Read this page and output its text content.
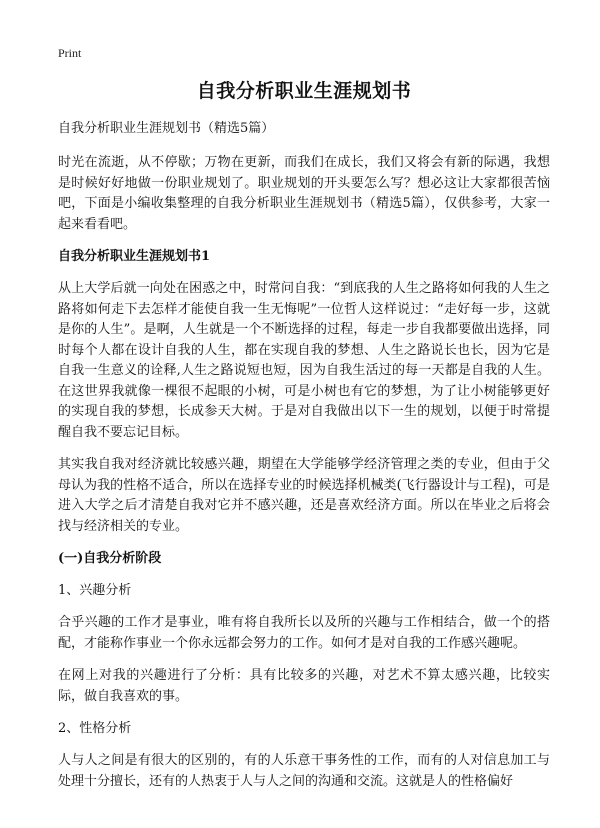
Print
自我分析职业生涯规划书
自我分析职业生涯规划书（精选5篇）

时光在流逝，从不停歇；万物在更新，而我们在成长，我们又将会有新的际遇，我想是时候好好地做一份职业规划了。职业规划的开头要怎么写？想必这让大家都很苦恼吧，下面是小编收集整理的自我分析职业生涯规划书（精选5篇），仅供参考，大家一起来看看吧。

自我分析职业生涯规划书1

从上大学后就一向处在困惑之中，时常问自我：“到底我的人生之路将如何我的人生之路将如何走下去怎样才能使自我一生无悔呢”一位哲人这样说过：“走好每一步，这就是你的人生”。是啊，人生就是一个不断选择的过程，每走一步自我都要做出选择，同时每个人都在设计自我的人生，都在实现自我的梦想、人生之路说长也长，因为它是自我一生意义的诠释,人生之路说短也短，因为自我生活过的每一天都是自我的人生。在这世界我就像一棵很不起眼的小树，可是小树也有它的梦想，为了让小树能够更好的实现自我的梦想，长成参天大树。于是对自我做出以下一生的规划，以便于时常提醒自我不要忘记目标。

其实我自我对经济就比较感兴趣，期望在大学能够学经济管理之类的专业，但由于父母认为我的性格不适合，所以在选择专业的时候选择机械类(飞行器设计与工程)，可是进入大学之后才清楚自我对它并不感兴趣，还是喜欢经济方面。所以在毕业之后将会找与经济相关的专业。

(一)自我分析阶段
1、兴趣分析

合乎兴趣的工作才是事业，唯有将自我所长以及所的兴趣与工作相结合，做一个的搭配，才能称作事业一个你永远都会努力的工作。如何才是对自我的工作感兴趣呢。

在网上对我的兴趣进行了分析：具有比较多的兴趣，对艺术不算太感兴趣，比较实际，做自我喜欢的事。

2、性格分析

人与人之间是有很大的区别的，有的人乐意干事务性的工作，而有的人对信息加工与处理十分擅长，还有的人热衷于人与人之间的沟通和交流。这就是人的性格偏好
